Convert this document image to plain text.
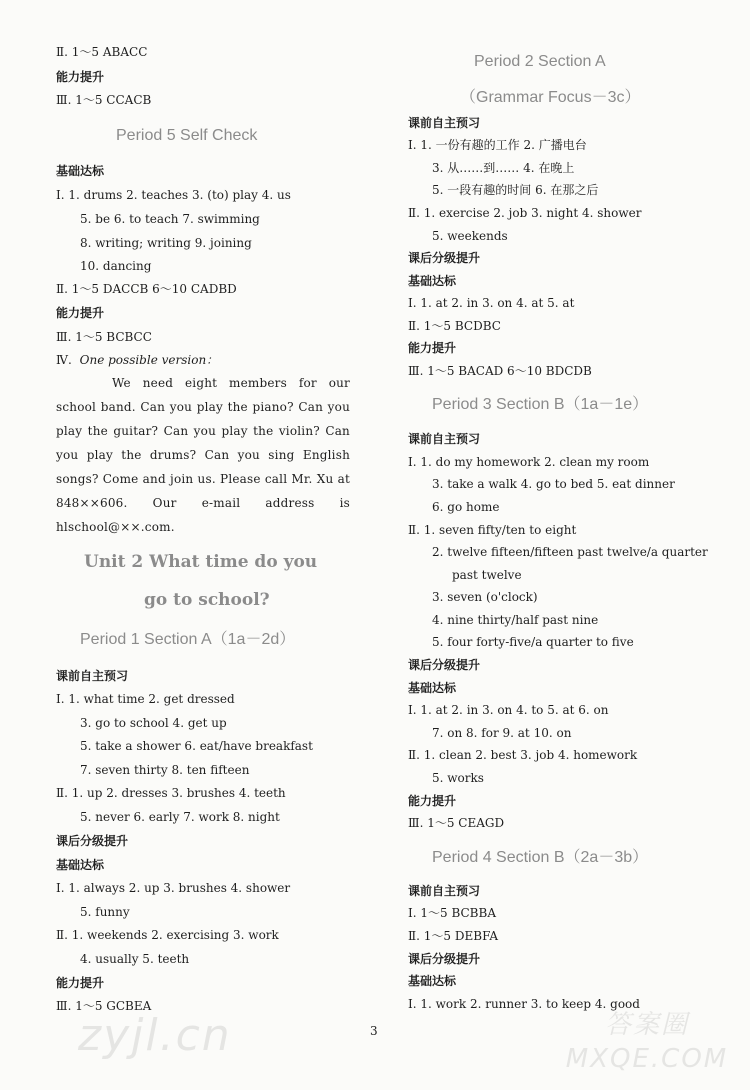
Ⅱ. 1～5 ABACC
能力提升
Ⅲ. 1～5 CCACB
Period 5 Self Check
基础达标
Ⅰ. 1. drums 2. teaches 3. (to) play 4. us
5. be 6. to teach 7. swimming
8. writing; writing 9. joining
10. dancing
Ⅱ. 1～5 DACCB 6～10 CADBD
能力提升
Ⅲ. 1～5 BCBCC
Ⅳ. One possible version：
We need eight members for our school band. Can you play the piano? Can you play the guitar? Can you play the violin? Can you play the drums? Can you sing English songs? Come and join us. Please call Mr. Xu at 848××606. Our e-mail address is hlschool@××.com.
Unit 2 What time do you
go to school?
Period 1 Section A（1a－2d）
课前自主预习
Ⅰ. 1. what time 2. get dressed
3. go to school 4. get up
5. take a shower 6. eat/have breakfast
7. seven thirty 8. ten fifteen
Ⅱ. 1. up 2. dresses 3. brushes 4. teeth
5. never 6. early 7. work 8. night
课后分级提升
基础达标
Ⅰ. 1. always 2. up 3. brushes 4. shower
5. funny
Ⅱ. 1. weekends 2. exercising 3. work
4. usually 5. teeth
能力提升
Ⅲ. 1～5 GCBEA
Period 2 Section A
（Grammar Focus－3c）
课前自主预习
Ⅰ. 1. 一份有趣的工作 2. 广播电台
3. 从……到…… 4. 在晚上
5. 一段有趣的时间 6. 在那之后
Ⅱ. 1. exercise 2. job 3. night 4. shower
5. weekends
课后分级提升
基础达标
Ⅰ. 1. at 2. in 3. on 4. at 5. at
Ⅱ. 1～5 BCDBC
能力提升
Ⅲ. 1～5 BACAD 6～10 BDCDB
Period 3 Section B（1a－1e）
课前自主预习
Ⅰ. 1. do my homework 2. clean my room
3. take a walk 4. go to bed 5. eat dinner
6. go home
Ⅱ. 1. seven fifty/ten to eight
2. twelve fifteen/fifteen past twelve/a quarter
past twelve
3. seven (o'clock)
4. nine thirty/half past nine
5. four forty-five/a quarter to five
课后分级提升
基础达标
Ⅰ. 1. at 2. in 3. on 4. to 5. at 6. on
7. on 8. for 9. at 10. on
Ⅱ. 1. clean 2. best 3. job 4. homework
5. works
能力提升
Ⅲ. 1～5 CEAGD
Period 4 Section B（2a－3b）
课前自主预习
Ⅰ. 1～5 BCBBA
Ⅱ. 1～5 DEBFA
课后分级提升
基础达标
Ⅰ. 1. work 2. runner 3. to keep 4. good
3
zyjl.cn	答案圈 MXQE.COM
